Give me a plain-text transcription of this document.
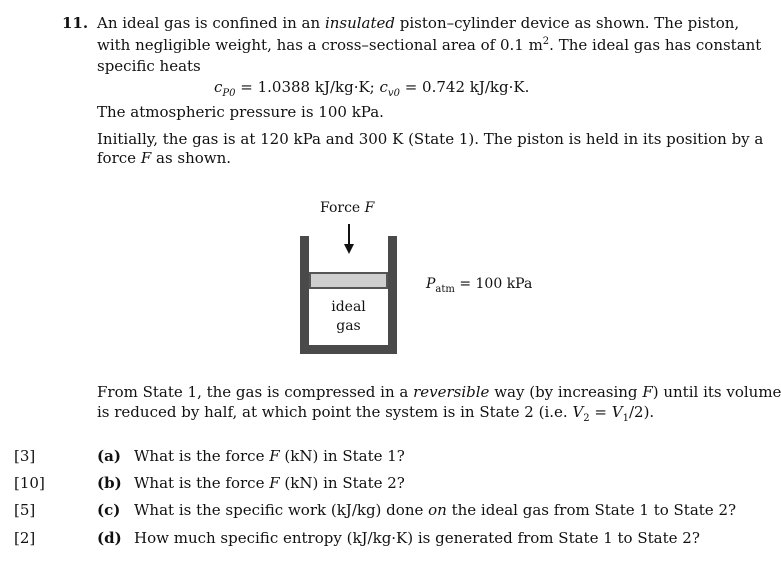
11. An ideal gas is confined in an insulated piston–cylinder device as shown. The piston,
with negligible weight, has a cross–sectional area of 0.1 $m^2$. The ideal gas has constant
specific heats
$c_{P0} = 1.0388$ kJ/kg·K; $c_{v0} = 0.742$ kJ/kg·K.
The atmospheric pressure is 100 kPa.
Initially, the gas is at 120 kPa and 300 K (State 1). The piston is held in its position by a
force F as shown.
Force F
ideal
gas
$P_{atm} = 100$ kPa
From State 1, the gas is compressed in a reversible way (by increasing F) until its volume
is reduced by half, at which point the system is in State 2 (i.e. $V_2 = V_1/2$).
[3]	(a) What is the force F (kN) in State 1?
[10]	(b) What is the force F (kN) in State 2?
[5]	(c) What is the specific work (kJ/kg) done on the ideal gas from State 1 to State 2?
[2]	(d) How much specific entropy (kJ/kg·K) is generated from State 1 to State 2?
